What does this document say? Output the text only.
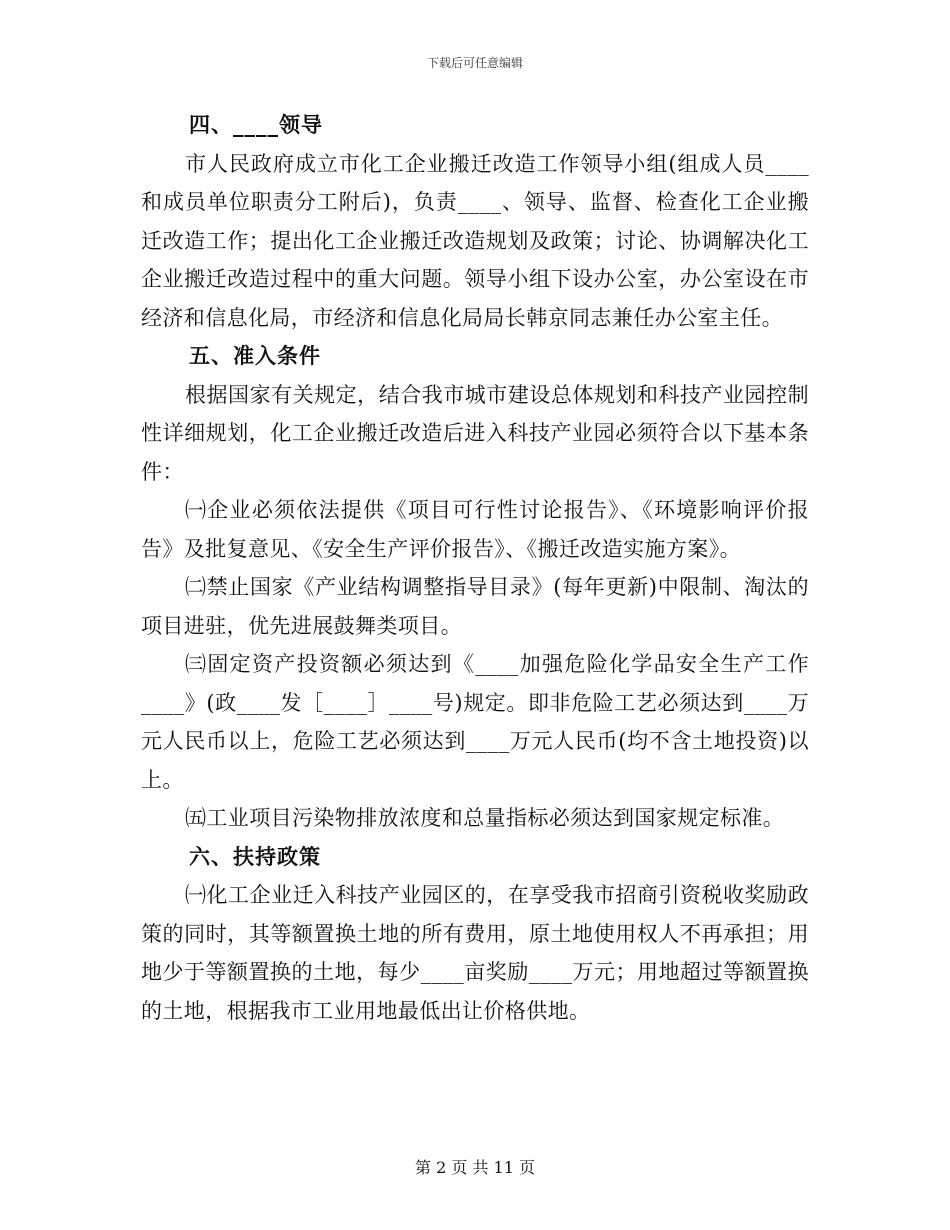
下载后可任意编辑

四、____领导

市人民政府成立市化工企业搬迁改造工作领导小组(组成人员____和成员单位职责分工附后)，负责____、领导、监督、检查化工企业搬迁改造工作；提出化工企业搬迁改造规划及政策；讨论、协调解决化工企业搬迁改造过程中的重大问题。领导小组下设办公室，办公室设在市经济和信息化局，市经济和信息化局局长韩京同志兼任办公室主任。

五、准入条件

根据国家有关规定，结合我市城市建设总体规划和科技产业园控制性详细规划，化工企业搬迁改造后进入科技产业园必须符合以下基本条件：

㈠企业必须依法提供《项目可行性讨论报告》、《环境影响评价报告》及批复意见、《安全生产评价报告》、《搬迁改造实施方案》。

㈡禁止国家《产业结构调整指导目录》(每年更新)中限制、淘汰的项目进驻，优先进展鼓舞类项目。

㈢固定资产投资额必须达到《____加强危险化学品安全生产工作____》(政____发［____］____号)规定。即非危险工艺必须达到____万元人民币以上，危险工艺必须达到____万元人民币(均不含土地投资)以上。

㈤工业项目污染物排放浓度和总量指标必须达到国家规定标准。

六、扶持政策

㈠化工企业迁入科技产业园区的，在享受我市招商引资税收奖励政策的同时，其等额置换土地的所有费用，原土地使用权人不再承担；用地少于等额置换的土地，每少____亩奖励____万元；用地超过等额置换的土地，根据我市工业用地最低出让价格供地。

第 2 页 共 11 页
